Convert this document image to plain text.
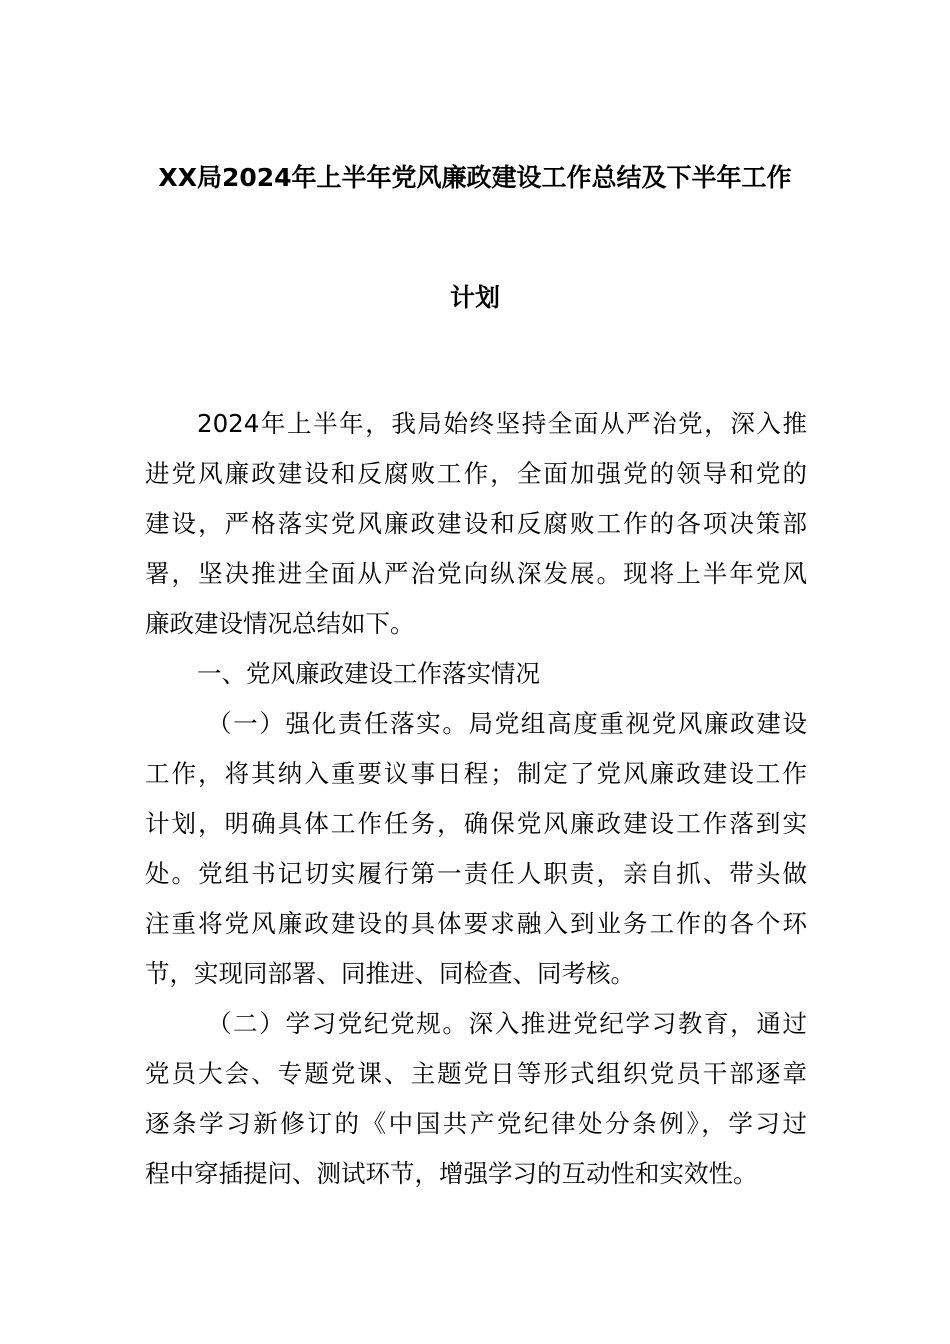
XX局2024年上半年党风廉政建设工作总结及下半年工作
计划

2024年上半年，我局始终坚持全面从严治党，深入推
进党风廉政建设和反腐败工作，全面加强党的领导和党的
建设，严格落实党风廉政建设和反腐败工作的各项决策部
署，坚决推进全面从严治党向纵深发展。现将上半年党风
廉政建设情况总结如下。

一、党风廉政建设工作落实情况

（一）强化责任落实。局党组高度重视党风廉政建设
工作，将其纳入重要议事日程；制定了党风廉政建设工作
计划，明确具体工作任务，确保党风廉政建设工作落到实
处。党组书记切实履行第一责任人职责，亲自抓、带头做
注重将党风廉政建设的具体要求融入到业务工作的各个环
节，实现同部署、同推进、同检查、同考核。

（二）学习党纪党规。深入推进党纪学习教育，通过
党员大会、专题党课、主题党日等形式组织党员干部逐章
逐条学习新修订的《中国共产党纪律处分条例》，学习过
程中穿插提问、测试环节，增强学习的互动性和实效性。
